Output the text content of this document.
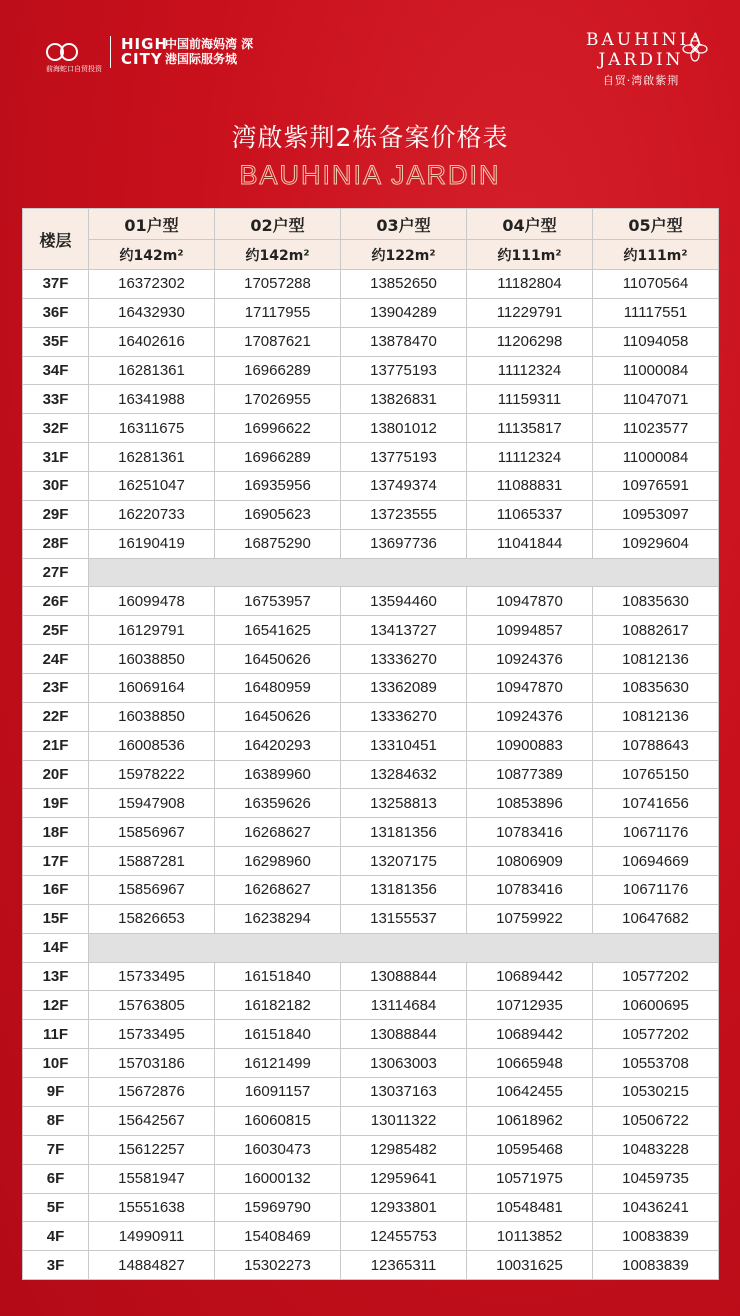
前海蛇口自贸投资
HIGH CITY
中国前海妈湾 深港国际服务城
BAUHINIA JARDIN
自贸·湾啟紫荆
湾啟紫荆2栋备案价格表
BAUHINIA JARDIN
楼层	01户型	02户型	03户型	04户型	05户型
	约142m²	约142m²	约122m²	约111m²	约111m²
37F	16372302	17057288	13852650	11182804	11070564
36F	16432930	17117955	13904289	11229791	11117551
35F	16402616	17087621	13878470	11206298	11094058
34F	16281361	16966289	13775193	11112324	11000084
33F	16341988	17026955	13826831	11159311	11047071
32F	16311675	16996622	13801012	11135817	11023577
31F	16281361	16966289	13775193	11112324	11000084
30F	16251047	16935956	13749374	11088831	10976591
29F	16220733	16905623	13723555	11065337	10953097
28F	16190419	16875290	13697736	11041844	10929604
27F					
26F	16099478	16753957	13594460	10947870	10835630
25F	16129791	16541625	13413727	10994857	10882617
24F	16038850	16450626	13336270	10924376	10812136
23F	16069164	16480959	13362089	10947870	10835630
22F	16038850	16450626	13336270	10924376	10812136
21F	16008536	16420293	13310451	10900883	10788643
20F	15978222	16389960	13284632	10877389	10765150
19F	15947908	16359626	13258813	10853896	10741656
18F	15856967	16268627	13181356	10783416	10671176
17F	15887281	16298960	13207175	10806909	10694669
16F	15856967	16268627	13181356	10783416	10671176
15F	15826653	16238294	13155537	10759922	10647682
14F					
13F	15733495	16151840	13088844	10689442	10577202
12F	15763805	16182182	13114684	10712935	10600695
11F	15733495	16151840	13088844	10689442	10577202
10F	15703186	16121499	13063003	10665948	10553708
9F	15672876	16091157	13037163	10642455	10530215
8F	15642567	16060815	13011322	10618962	10506722
7F	15612257	16030473	12985482	10595468	10483228
6F	15581947	16000132	12959641	10571975	10459735
5F	15551638	15969790	12933801	10548481	10436241
4F	14990911	15408469	12455753	10113852	10083839
3F	14884827	15302273	12365311	10031625	10083839
